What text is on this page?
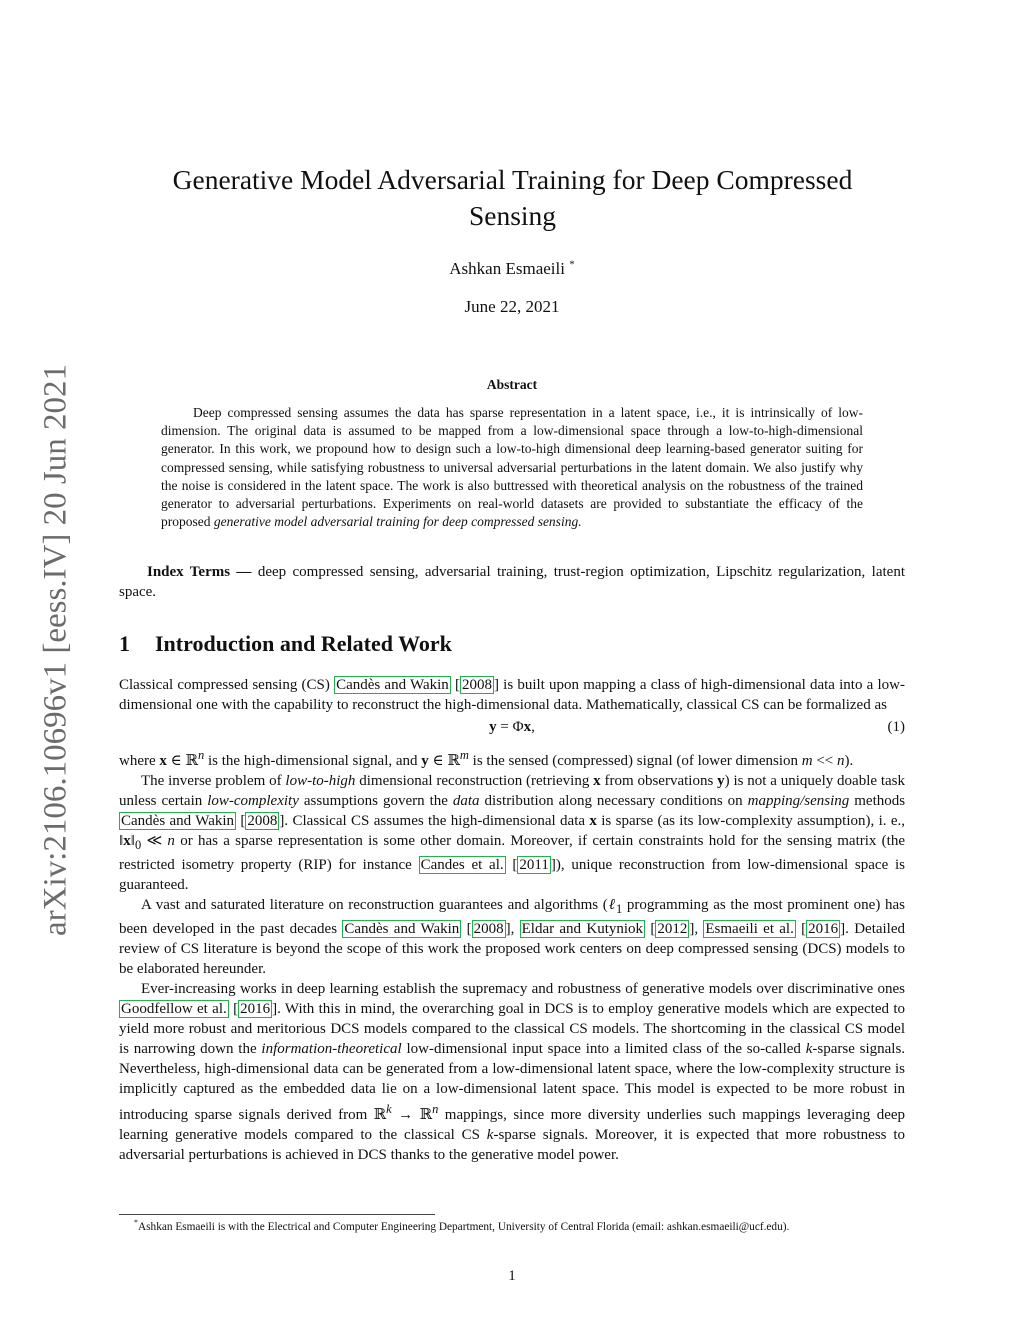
arXiv:2106.10696v1 [eess.IV] 20 Jun 2021
Generative Model Adversarial Training for Deep Compressed Sensing
Ashkan Esmaeili *
June 22, 2021
Abstract
Deep compressed sensing assumes the data has sparse representation in a latent space, i.e., it is intrinsically of low-dimension. The original data is assumed to be mapped from a low-dimensional space through a low-to-high-dimensional generator. In this work, we propound how to design such a low-to-high dimensional deep learning-based generator suiting for compressed sensing, while satisfying robustness to universal adversarial perturbations in the latent domain. We also justify why the noise is considered in the latent space. The work is also buttressed with theoretical analysis on the robustness of the trained generator to adversarial perturbations. Experiments on real-world datasets are provided to substantiate the efficacy of the proposed generative model adversarial training for deep compressed sensing.
Index Terms — deep compressed sensing, adversarial training, trust-region optimization, Lipschitz regularization, latent space.
1 Introduction and Related Work

Classical compressed sensing (CS) Candès and Wakin [ 2008 ] is built upon mapping a class of high-dimensional data into a low-dimensional one with the capability to reconstruct the high-dimensional data. Mathematically, classical CS can be formalized as

y = Φx,	(1)

where x ∈ ℝ$^n$ is the high-dimensional signal, and y ∈ ℝ$^m$ is the sensed (compressed) signal (of lower dimension m << n).

The inverse problem of low-to-high dimensional reconstruction (retrieving x from observations y) is not a uniquely doable task unless certain low-complexity assumptions govern the data distribution along necessary conditions on mapping/sensing methods Candès and Wakin [ 2008 ]. Classical CS assumes the high-dimensional data x is sparse (as its low-complexity assumption), i. e., $‖x‖_0$ ≪ n or has a sparse representation is some other domain. Moreover, if certain constraints hold for the sensing matrix (the restricted isometry property (RIP) for instance Candes et al. [ 2011 ]), unique reconstruction from low-dimensional space is guaranteed.

A vast and saturated literature on reconstruction guarantees and algorithms (ℓ$_1$ programming as the most prominent one) has been developed in the past decades Candès and Wakin [ 2008 ], Eldar and Kutyniok [ 2012 ], Esmaeili et al. [ 2016 ]. Detailed review of CS literature is beyond the scope of this work the proposed work centers on deep compressed sensing (DCS) models to be elaborated hereunder.

Ever-increasing works in deep learning establish the supremacy and robustness of generative models over discriminative ones Goodfellow et al. [ 2016 ]. With this in mind, the overarching goal in DCS is to employ generative models which are expected to yield more robust and meritorious DCS models compared to the classical CS models. The shortcoming in the classical CS model is narrowing down the information-theoretical low-dimensional input space into a limited class of the so-called k-sparse signals. Nevertheless, high-dimensional data can be generated from a low-dimensional latent space, where the low-complexity structure is implicitly captured as the embedded data lie on a low-dimensional latent space. This model is expected to be more robust in introducing sparse signals derived from ℝ$^k$ → ℝ$^n$ mappings, since more diversity underlies such mappings leveraging deep learning generative models compared to the classical CS k-sparse signals. Moreover, it is expected that more robustness to adversarial perturbations is achieved in DCS thanks to the generative model power.

*Ashkan Esmaeili is with the Electrical and Computer Engineering Department, University of Central Florida (email: ashkan.esmaeili@ucf.edu).
1
